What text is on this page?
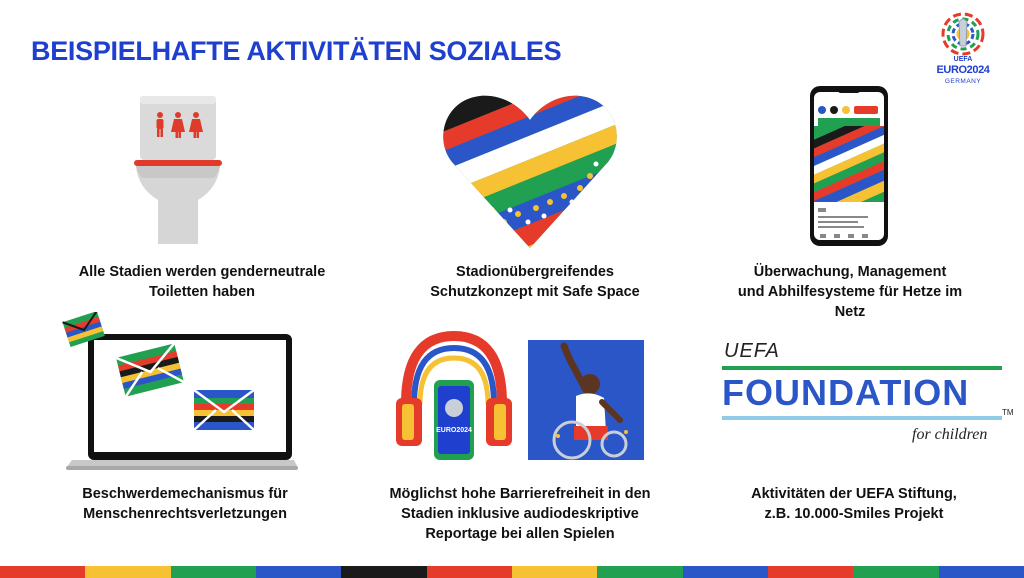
BEISPIELHAFTE AKTIVITÄTEN SOZIALES	UEFA
EURO2024
GERMANY
Alle Stadien werden genderneutrale
Toiletten haben
Stadionübergreifendes
Schutzkonzept mit Safe Space
Überwachung, Management
und Abhilfesysteme für Hetze im
Netz
Beschwerdemechanismus für
Menschenrechtsverletzungen
EURO2024
Möglichst hohe Barrierefreiheit in den
Stadien inklusive audiodeskriptive
Reportage bei allen Spielen
UEFA
FOUNDATION	TM
for children
Aktivitäten der UEFA Stiftung,
z.B. 10.000-Smiles Projekt
